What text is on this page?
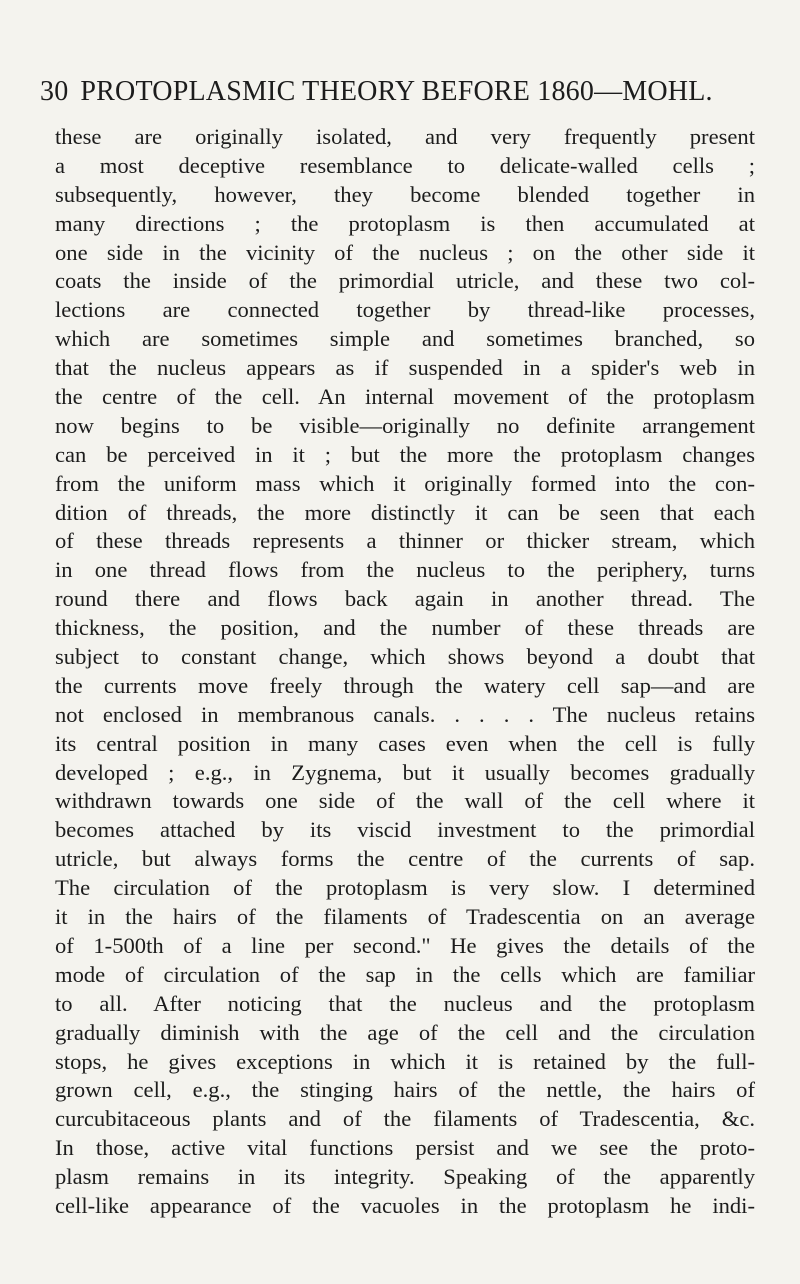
30 PROTOPLASMIC THEORY BEFORE 1860—MOHL.
these are originally isolated, and very frequently present
a most deceptive resemblance to delicate-walled cells ;
subsequently, however, they become blended together in
many directions ; the protoplasm is then accumulated at
one side in the vicinity of the nucleus ; on the other side it
coats the inside of the primordial utricle, and these two col-
lections are connected together by thread-like processes,
which are sometimes simple and sometimes branched, so
that the nucleus appears as if suspended in a spider's web in
the centre of the cell. An internal movement of the protoplasm
now begins to be visible—originally no definite arrangement
can be perceived in it ; but the more the protoplasm changes
from the uniform mass which it originally formed into the con-
dition of threads, the more distinctly it can be seen that each
of these threads represents a thinner or thicker stream, which
in one thread flows from the nucleus to the periphery, turns
round there and flows back again in another thread. The
thickness, the position, and the number of these threads are
subject to constant change, which shows beyond a doubt that
the currents move freely through the watery cell sap—and are
not enclosed in membranous canals. . . . . The nucleus retains
its central position in many cases even when the cell is fully
developed ; e.g., in Zygnema, but it usually becomes gradually
withdrawn towards one side of the wall of the cell where it
becomes attached by its viscid investment to the primordial
utricle, but always forms the centre of the currents of sap.
The circulation of the protoplasm is very slow. I determined
it in the hairs of the filaments of Tradescentia on an average
of 1-500th of a line per second." He gives the details of the
mode of circulation of the sap in the cells which are familiar
to all. After noticing that the nucleus and the protoplasm
gradually diminish with the age of the cell and the circulation
stops, he gives exceptions in which it is retained by the full-
grown cell, e.g., the stinging hairs of the nettle, the hairs of
curcubitaceous plants and of the filaments of Tradescentia, &c.
In those, active vital functions persist and we see the proto-
plasm remains in its integrity. Speaking of the apparently
cell-like appearance of the vacuoles in the protoplasm he indi-
